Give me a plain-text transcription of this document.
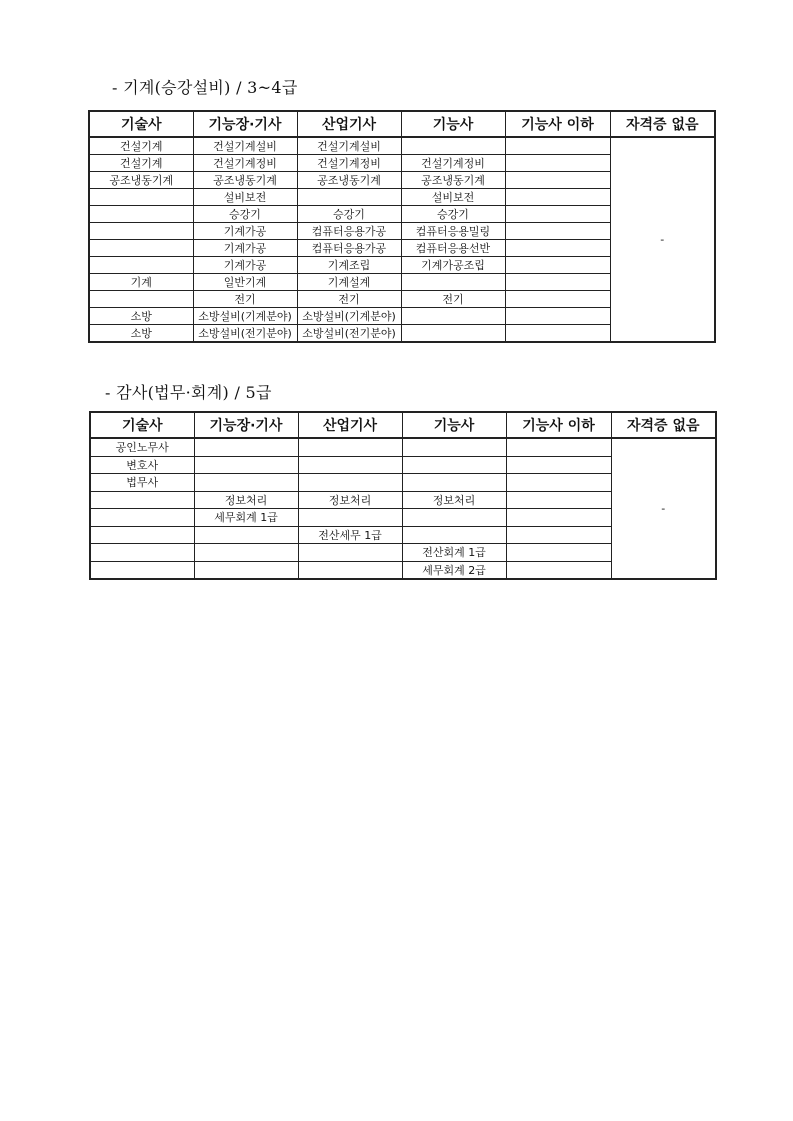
- 기계(승강설비) / 3~4급
기술사	기능장·기사	산업기사	기능사	기능사 이하	자격증 없음
건설기계	건설기계설비	건설기계설비			-
건설기계	건설기계정비	건설기계정비	건설기계정비		
공조냉동기계	공조냉동기계	공조냉동기계	공조냉동기계		
	설비보전		설비보전		
	승강기	승강기	승강기		
	기계가공	컴퓨터응용가공	컴퓨터응용밀링		
	기계가공	컴퓨터응용가공	컴퓨터응용선반		
	기계가공	기계조립	기계가공조립		
기계	일반기계	기계설계			
	전기	전기	전기		
소방	소방설비(기계분야)	소방설비(기계분야)			
소방	소방설비(전기분야)	소방설비(전기분야)			
- 감사(법무·회계) / 5급
기술사	기능장·기사	산업기사	기능사	기능사 이하	자격증 없음
공인노무사					-
변호사					
법무사					
	정보처리	정보처리	정보처리		
	세무회계 1급				
		전산세무 1급			
			전산회계 1급		
			세무회계 2급		
